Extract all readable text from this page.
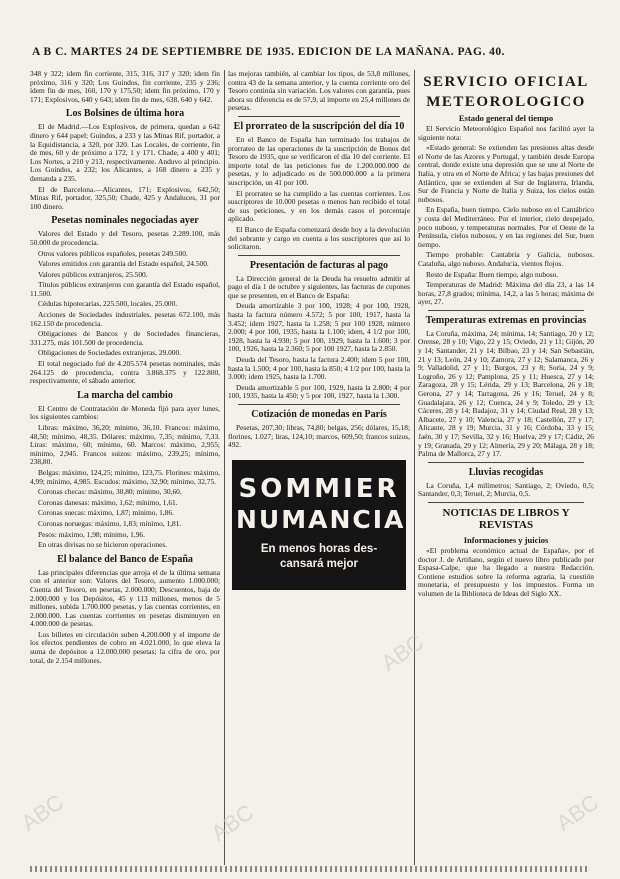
A B C. MARTES 24 DE SEPTIEMBRE DE 1935. EDICION DE LA MAÑANA. PAG. 40.

348 y 322; idem fin corriente, 315, 316, 317 y 320; idem fin próximo, 316 y 320; Los Guindos, fin corriente, 235 y 236; ídem fin de mes, 160, 170 y 175,50; idem fin próximo, 170 y 171; Explosivos, 640 y 643; idem fin de mes, 638, 640 y 642.

Los Bolsines de última hora

El de Madrid.—Los Explosivos, de primera, quedan a 642 dinero y 644 papel; Guindos, a 233 y las Minas Rif, portador, a la Equidistancia, a 320, por 320. Las Locales, de corriente, fin de mes, 60 y de próximo a 172, 1 y 171. Chade, a 400 y 401; Los Nortes, a 210 y 213, respectivamente. Anduvo al principio. Los Guindos, a 232; los Alicantes, a 168 dinero a 235 y demanda a 235.

El de Barcelona.—Alicantes, 171; Explosivos, 642,50; Minas Rif, portador, 325,50; Chade, 425 y Andaluces, 31 por 100 dinero.

Pesetas nominales negociadas ayer

Valores del Estado y del Tesoro, pesetas 2.289.100, más 50.000 de procedencia.

Otros valores públicos españoles, pesetas 249.500.

Valores emitidos con garantía del Estado español, 24.500.

Valores públicos extranjeros, 25.500.

Títulos públicos extranjeros con garantía del Estado español, 11.500.

Cédulas hipotecarias, 225.500, locales, 25.000.

Acciones de Sociedades industriales, pesetas 672.100, más 162.150 de procedencia.

Obligaciones de Bancos y de Sociedades financieras, 331.275, más 101.500 de procedencia.

Obligaciones de Sociedades extranjeras, 29.000.

El total negociado fué de 4.205.574 pesetas nominales, más 264.125 de procedencia, contra 3.868.375 y 122.800, respectivamente, el sábado anterior.

La marcha del cambio

El Centro de Contratación de Moneda fijó para ayer lunes, los siguientes cambios:

Libras: máximo, 36,20; mínimo, 36,10. Francos: máximo, 48,50; mínimo, 48,35. Dólares: máximo, 7,35; mínimo, 7,33. Liras: máximo, 60; mínimo, 60. Marcos: máximo, 2,955; mínimo, 2,945. Francos suizos: máximo, 239,25; mínimo, 238,80.

Belgas: máximo, 124,25; mínimo, 123,75. Florines: máximo, 4,99; mínimo, 4,985. Escudos: máximo, 32,90; mínimo, 32,75.

Coronas checas: máximo, 30,80; mínimo, 30,60.

Coronas danesas: máximo, 1,62; mínimo, 1,61.

Coronas suecas: máximo, 1,87; mínimo, 1,86.

Coronas noruegas: máximo, 1,83; mínimo, 1,81.

Pesos: máximo, 1,98; mínimo, 1,96.

En otras divisas no se hicieron operaciones.

El balance del Banco de España

Las principales diferencias que arroja el de la última semana con el anterior son: Valores del Tesoro, aumento 1.000.000; Cuenta del Tesoro, en pesetas, 2.000.000; Descuentos, baja de 2.000.000 y los Depósitos, 45 y 113 millones, menos de 5 millones, subida 1.700.000 pesetas, y las cuentas corrientes, en 2.000.000. Las cuentas corrientes en pesetas disminuyen en 4.000.000 de pesetas.

Los billetes en circulación suben 4.200.000 y el importe de los efectos pendientes de cobro en 4.021.000, lo que eleva la suma de depósitos a 12.000.000 pesetas; la cifra de oro, por total, de 2.154 millones.

las mejoras también, al cambiar los tipos, de 53,8 millones, contra 43 de la semana anterior, y la cuenta corriente oro del Tesoro continúa sin variación. Los valores con garantía, pues ahora su diferencia es de 57,9, al importe en 25,4 millones de pesetas.

El prorrateo de la suscripción del día 10

En el Banco de España han terminado los trabajos de prorrateo de las operaciones de la suscripción de Bonos del Tesoro de 1935, que se verificaron el día 10 del corriente. El importe total de las peticiones fue de 1.200.000.000 de pesetas, y lo adjudicado es de 500.000.000 a la primera suscripción, un 41 por 100.

El prorrateo se ha cumplido a las cuentas corrientes. Los suscriptores de 10.000 pesetas o menos han recibido el total de sus peticiones, y en los demás casos el porcentaje aplicado.

El Banco de España comenzará desde hoy a la devolución del sobrante y cargo en cuenta a los suscriptores que así lo solicitaron.

Presentación de facturas al pago

La Dirección general de la Deuda ha resuelto admitir al pago el día 1 de octubre y siguientes, las facturas de cupones que se presenten, en el Banco de España:

Deuda amortizable 3 por 100, 1928; 4 por 100, 1928, hasta la factura número 4.572; 5 por 100, 1917, hasta la 3.452; idem 1927, hasta la 1.258; 5 por 100 1928, número 2.000; 4 por 100, 1935, hasta la 1.100; idem, 4 1/2 por 100, 1928, hasta la 4.930; 5 por 100, 1929, hasta la 1.600; 3 por 100, 1926, hasta la 2.360; 5 por 100 1927, hasta la 2.850.

Deuda del Tesoro, hasta la factura 2.400; idem 5 por 100, hasta la 1.500; 4 por 100, hasta la 850; 4 1/2 por 100, hasta la 3.000; idem 1925, hasta la 1.700.

Deuda amortizable 5 por 100, 1929, hasta la 2.800; 4 por 100, 1935, hasta la 450; y 5 por 100, 1927, hasta la 1.300.

Cotización de monedas en París

Pesetas, 207,30; libras, 74,80; belgas, 256; dólares, 15,18; florines, 1.027; liras, 124,10; marcos, 609,50; francos suizos, 492.

SOMMIER
NUMANCIA
En menos horas des-
cansará mejor
SERVICIO OFICIAL
METEOROLOGICO
Estado general del tiempo

El Servicio Meteorológico Español nos facilitó ayer la siguiente nota:

«Estado general: Se extienden las presiones altas desde el Norte de las Azores y Portugal, y también desde Europa central, donde existe una depresión que se une al Norte de Italia, y otra en el Norte de Africa; y las bajas presiones del Atlántico, que se extienden al Sur de Inglaterra, Irlanda, Sur de Francia y Norte de Italia y Suiza, los cielos están nubosos.

En España, buen tiempo. Cielo nuboso en el Cantábrico y costa del Mediterráneo. Por el interior, cielo despejado, poco nuboso, y temperaturas normales. Por el Oeste de la Península, cielos nubosos, y en las regiones del Sur, buen tiempo.

Tiempo probable: Cantabria y Galicia, nubosos. Cataluña, algo nuboso. Andalucía, vientos flojos.

Resto de España: Buen tiempo, algo nuboso.

Temperaturas de Madrid: Máxima del día 23, a las 14 horas, 27,8 grados; mínima, 14,2, a las 5 horas; máxima de ayer, 27.

Temperaturas extremas en provincias

La Coruña, máxima, 24; mínima, 14; Santiago, 20 y 12; Orense, 28 y 10; Vigo, 22 y 15; Oviedo, 21 y 11; Gijón, 20 y 14; Santander, 21 y 14; Bilbao, 23 y 14; San Sebastián, 21 y 13; León, 24 y 10; Zamora, 27 y 12; Salamanca, 26 y 9; Valladolid, 27 y 11; Burgos, 23 y 8; Soria, 24 y 9; Logroño, 26 y 12; Pamplona, 25 y 11; Huesca, 27 y 14; Zaragoza, 28 y 15; Lérida, 29 y 13; Barcelona, 26 y 18; Gerona, 27 y 14; Tarragona, 26 y 16; Teruel, 24 y 8; Guadalajara, 26 y 12; Cuenca, 24 y 9; Toledo, 29 y 13; Cáceres, 28 y 14; Badajoz, 31 y 14; Ciudad Real, 28 y 13; Albacete, 27 y 10; Valencia, 27 y 18; Castellón, 27 y 17; Alicante, 28 y 19; Murcia, 31 y 16; Córdoba, 33 y 15; Jaén, 30 y 17; Sevilla, 32 y 16; Huelva, 29 y 17; Cádiz, 26 y 19; Granada, 29 y 12; Almería, 29 y 20; Málaga, 28 y 18; Palma de Mallorca, 27 y 17.

Lluvias recogidas

La Coruña, 1,4 milímetros; Santiago, 2; Oviedo, 0,5; Santander, 0,3; Teruel, 2; Murcia, 0,5.

NOTICIAS DE LIBROS Y REVISTAS
Informaciones y juicios

«El problema económico actual de España», por el doctor J. de Artiñano, según el nuevo libro publicado por Espasa-Calpe, que ha llegado a nuestra Redacción. Contiene estudios sobre la reforma agraria, la cuestión monetaria, el presupuesto y los impuestos. Forma un volumen de la Biblioteca de Ideas del Siglo XX.

ABC	ABC
ABC
ABC
